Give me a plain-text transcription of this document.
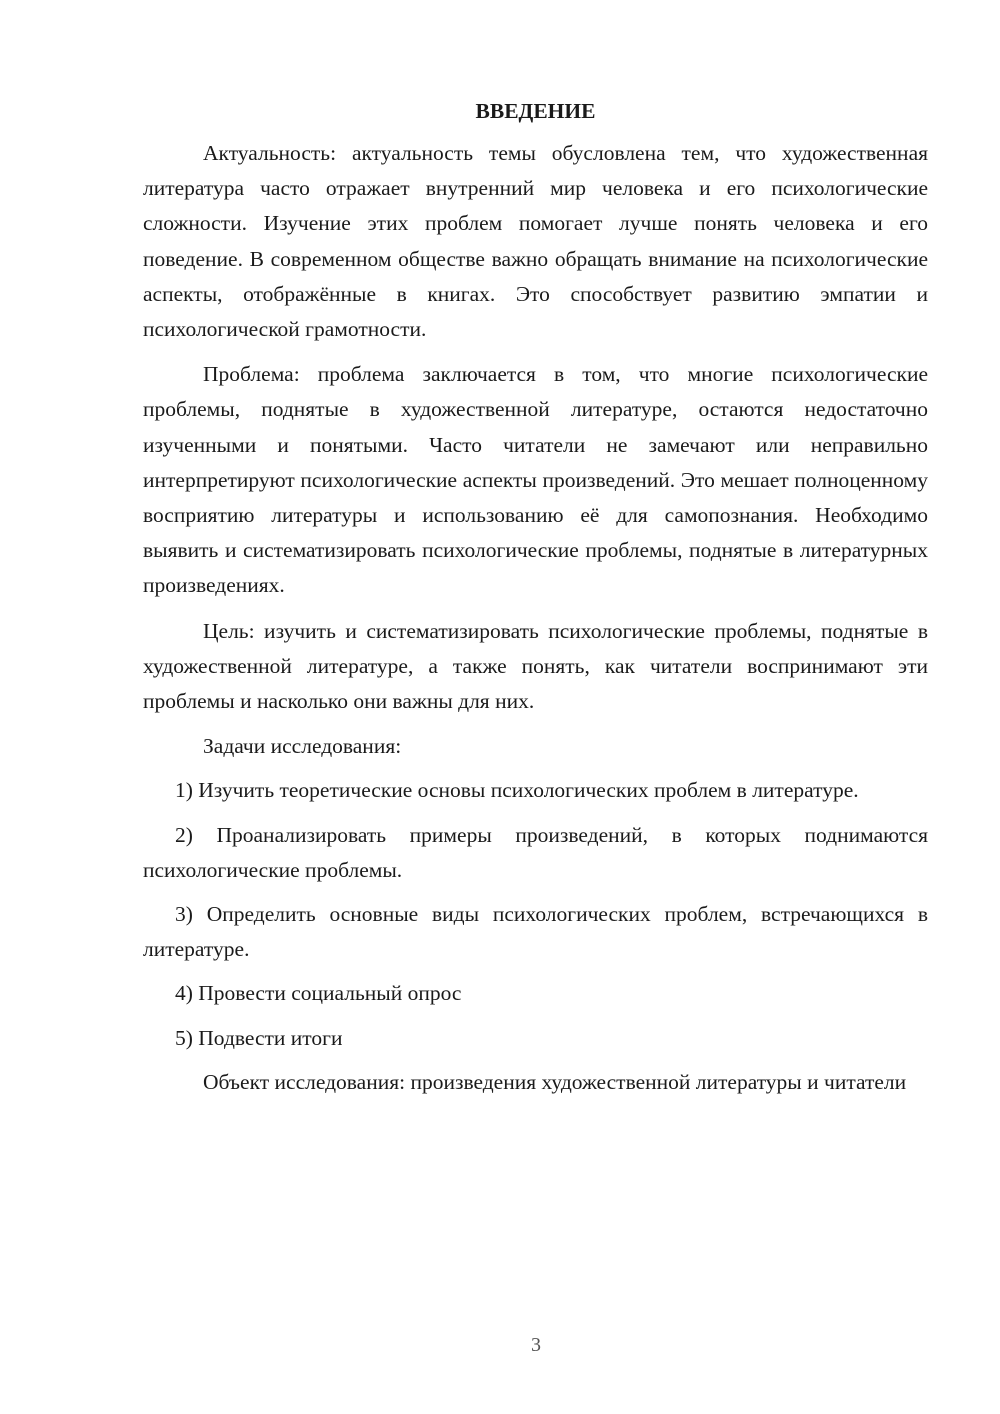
ВВЕДЕНИЕ

Актуальность: актуальность темы обусловлена тем, что художественная литература часто отражает внутренний мир человека и его психологические сложности. Изучение этих проблем помогает лучше понять человека и его поведение. В современном обществе важно обращать внимание на психологические аспекты, отображённые в книгах. Это способствует развитию эмпатии и психологической грамотности.

Проблема: проблема заключается в том, что многие психологические проблемы, поднятые в художественной литературе, остаются недостаточно изученными и понятыми. Часто читатели не замечают или неправильно интерпретируют психологические аспекты произведений. Это мешает полноценному восприятию литературы и использованию её для самопознания. Необходимо выявить и систематизировать психологические проблемы, поднятые в литературных произведениях.

Цель: изучить и систематизировать психологические проблемы, поднятые в художественной литературе, а также понять, как читатели воспринимают эти проблемы и насколько они важны для них.

Задачи исследования:

1) Изучить теоретические основы психологических проблем в литературе.

2) Проанализировать примеры произведений, в которых поднимаются психологические проблемы.

3) Определить основные виды психологических проблем, встречающихся в литературе.

4) Провести социальный опрос

5) Подвести итоги

Объект исследования: произведения художественной литературы и читатели

3
